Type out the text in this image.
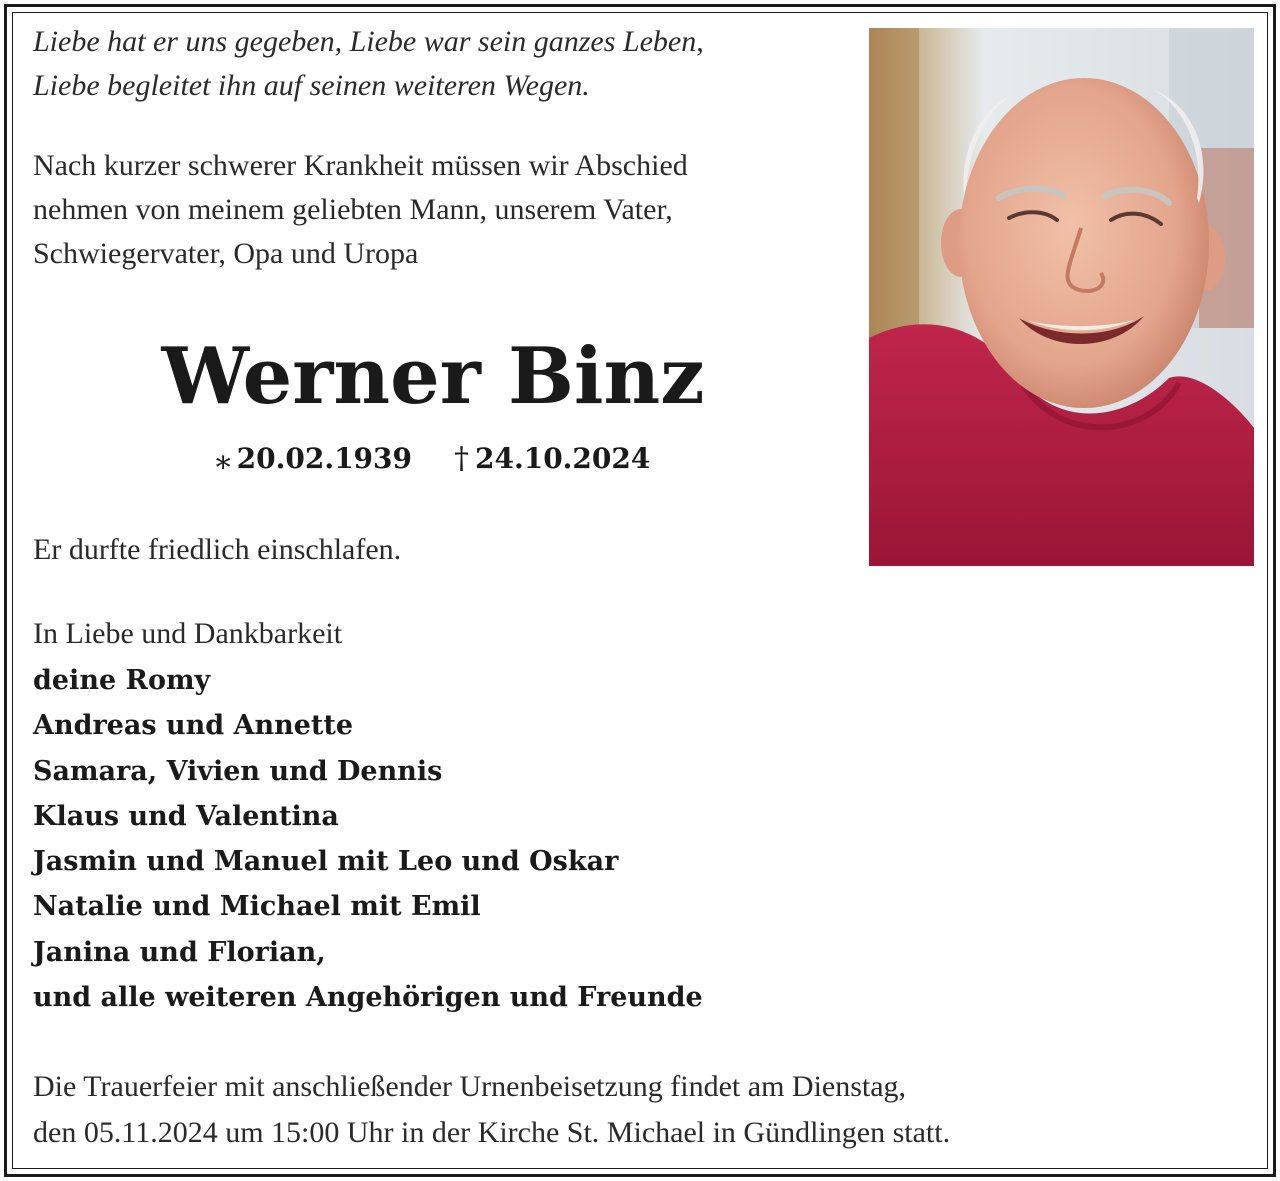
Liebe hat er uns gegeben, Liebe war sein ganzes Leben,
Liebe begleitet ihn auf seinen weiteren Wegen.
Nach kurzer schwerer Krankheit müssen wir Abschied
nehmen von meinem geliebten Mann, unserem Vater,
Schwiegervater, Opa und Uropa
Werner Binz
⁎ 20.02.1939 † 24.10.2024
Er durfte friedlich einschlafen.
In Liebe und Dankbarkeit
deine Romy
Andreas und Annette
Samara, Vivien und Dennis
Klaus und Valentina
Jasmin und Manuel mit Leo und Oskar
Natalie und Michael mit Emil
Janina und Florian,
und alle weiteren Angehörigen und Freunde
Die Trauerfeier mit anschließender Urnenbeisetzung findet am Dienstag,
den 05.11.2024 um 15:00 Uhr in der Kirche St. Michael in Gündlingen statt.
